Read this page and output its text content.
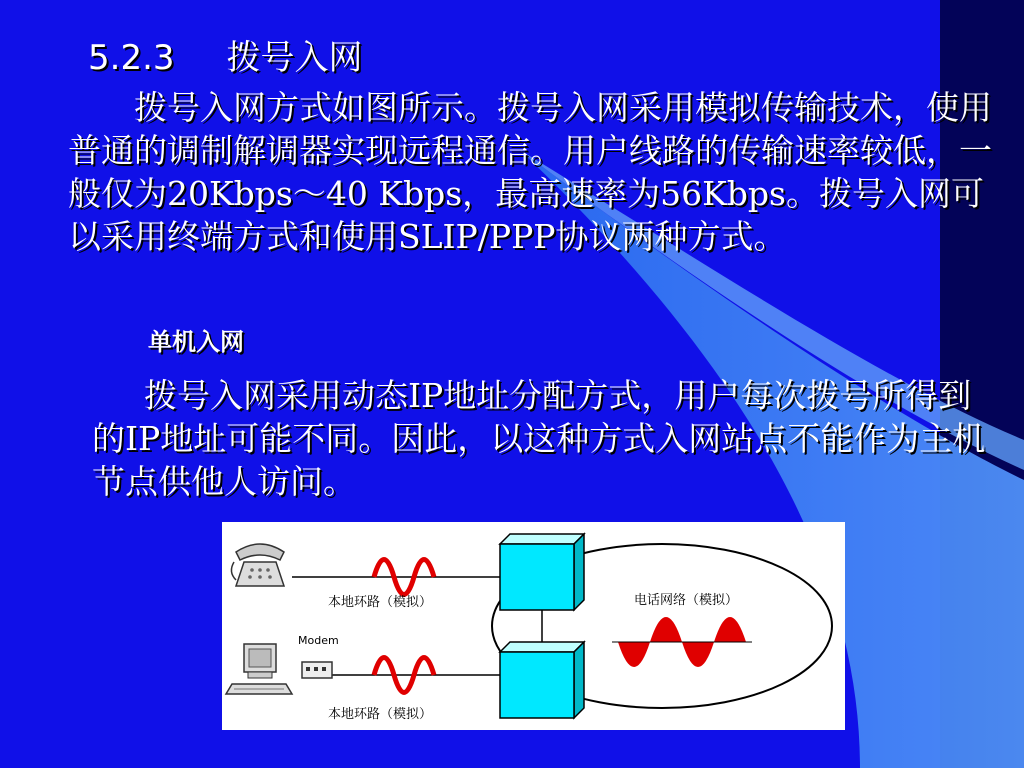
5.2.3 拨号入网

拨号入网方式如图所示。拨号入网采用模拟传输技术，使用普通的调制解调器实现远程通信。用户线路的传输速率较低，一般仅为20Kbps～40 Kbps，最高速率为56Kbps。拨号入网可以采用终端方式和使用SLIP/PPP协议两种方式。

单机入网

拨号入网采用动态IP地址分配方式，用户每次拨号所得到的IP地址可能不同。因此，以这种方式入网站点不能作为主机节点供他人访问。

Modem
本地环路（模拟）
本地环路（模拟）
电话网络（模拟）
